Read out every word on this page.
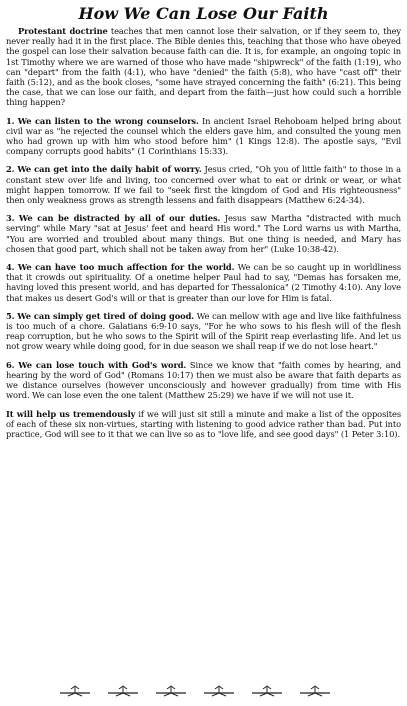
How We Can Lose Our Faith

Protestant doctrine teaches that men cannot lose their salvation, or if they seem to, they never really had it in the first place. The Bible denies this, teaching that those who have obeyed the gospel can lose their salvation because faith can die. It is, for example, an ongoing topic in 1st Timothy where we are warned of those who have made "shipwreck" of the faith (1:19), who can "depart" from the faith (4:1), who have "denied" the faith (5:8), who have "cast off" their faith (5:12), and as the book closes, "some have strayed concerning the faith" (6:21). This being the case, that we can lose our faith, and depart from the faith—just how could such a horrible thing happen?

1. We can listen to the wrong counselors. In ancient Israel Rehoboam helped bring about civil war as "he rejected the counsel which the elders gave him, and consulted the young men who had grown up with him who stood before him" (1 Kings 12:8). The apostle says, "Evil company corrupts good habits" (1 Corinthians 15:33).

2. We can get into the daily habit of worry. Jesus cried, "Oh you of little faith" to those in a constant stew over life and living, too concerned over what to eat or drink or wear, or what might happen tomorrow. If we fail to "seek first the kingdom of God and His righteousness" then only weakness grows as strength lessens and faith disappears (Matthew 6:24-34).

3. We can be distracted by all of our duties. Jesus saw Martha "distracted with much serving" while Mary "sat at Jesus' feet and heard His word." The Lord warns us with Martha, "You are worried and troubled about many things. But one thing is needed, and Mary has chosen that good part, which shall not be taken away from her" (Luke 10:38-42).

4. We can have too much affection for the world. We can be so caught up in worldliness that it crowds out spirituality. Of a onetime helper Paul had to say, "Demas has forsaken me, having loved this present world, and has departed for Thessalonica" (2 Timothy 4:10). Any love that makes us desert God's will or that is greater than our love for Him is fatal.

5. We can simply get tired of doing good. We can mellow with age and live like faithfulness is too much of a chore. Galatians 6:9-10 says, "For he who sows to his flesh will of the flesh reap corruption, but he who sows to the Spirit will of the Spirit reap everlasting life. And let us not grow weary while doing good, for in due season we shall reap if we do not lose heart."

6. We can lose touch with God's word. Since we know that "faith comes by hearing, and hearing by the word of God" (Romans 10:17) then we must also be aware that faith departs as we distance ourselves (however unconsciously and however gradually) from time with His word. We can lose even the one talent (Matthew 25:29) we have if we will not use it.

It will help us tremendously if we will just sit still a minute and make a list of the opposites of each of these six non-virtues, starting with listening to good advice rather than bad. Put into practice, God will see to it that we can live so as to "love life, and see good days" (1 Peter 3:10).
